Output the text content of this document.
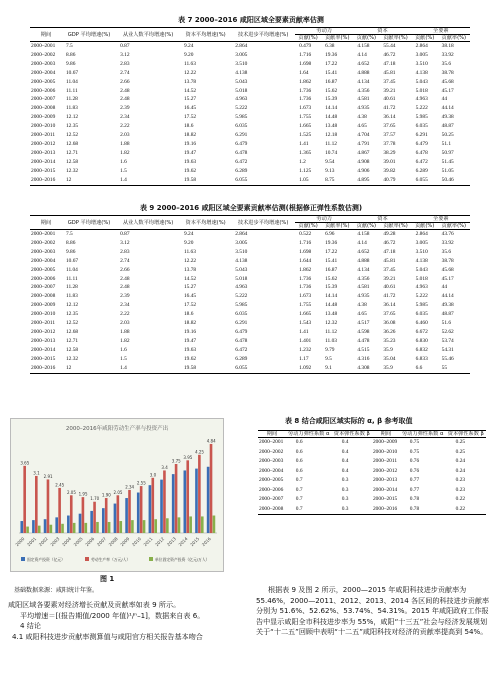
表 7 2000–2016 咸阳区域全要素贡献率估测
期间	GDP 平均增速(%)	从业人数平均增速(%)	资本平均增速(%)	技术进步平均增速(%)	劳动力		资本		全要素	
					贡献(%)	贡献率(%)	贡献(%)	贡献率(%)	贡献(%)	贡献率(%)
2000–2001	7.5	0.87	9.24	2.864	0.479	6.38	4.158	55.44	2.864	38.18
2000–2002	8.86	3.12	9.20	3.005	1.716	19.36	4.14	46.72	3.005	33.92
2000–2003	9.86	2.83	11.63	3.510	1.698	17.22	4.652	47.18	3.510	35.6
2000–2004	10.67	2.74	12.22	4.138	1.64	15.41	4.888	45.81	4.138	38.78
2000–2005	11.04	2.66	13.78	5.043	1.862	16.87	4.134	37.45	5.043	45.68
2000–2006	11.11	2.48	14.52	5.018	1.736	15.62	4.356	39.21	5.018	45.17
2000–2007	11.28	2.48	15.27	4.963	1.736	15.39	4.581	40.61	4.963	44
2000–2008	11.83	2.39	16.45	5.222	1.673	14.14	4.935	41.72	5.222	44.14
2000–2009	12.12	2.34	17.52	5.985	1.755	14.48	4.38	36.14	5.985	49.38
2000–2010	12.35	2.22	18.6	6.035	1.665	13.48	4.65	37.65	6.035	48.87
2000–2011	12.52	2.03	18.82	6.291	1.525	12.18	4.704	37.57	6.291	50.25
2000–2012	12.68	1.88	19.16	6.479	1.41	11.12	4.791	37.78	6.479	51.1
2000–2013	12.71	1.82	19.47	6.478	1.365	10.74	4.867	38.29	6.478	50.97
2000–2014	12.58	1.6	19.63	6.472	1.2	9.54	4.908	39.01	6.472	51.45
2000–2015	12.32	1.5	19.62	6.289	1.125	9.13	4.906	39.82	6.289	51.05
2000–2016	12	1.4	19.58	6.055	1.05	8.75	4.895	40.79	6.055	50.46
表 9 2000–2016 咸阳区域全要素贡献率估测(根据修正弹性系数估测)
期间	GDP 平均增速(%)	从业人数平均增速(%)	资本平均增速(%)	技术进步平均增速(%)	劳动力		资本		全要素	
					贡献(%)	贡献率(%)	贡献(%)	贡献率(%)	贡献(%)	贡献率(%)
2000–2001	7.5	0.87	9.24	2.864	0.522	6.96	4.158	49.28	2.864	43.76
2000–2002	8.86	3.12	9.20	3.005	1.716	19.36	4.14	46.72	3.005	33.92
2000–2003	9.86	2.83	11.63	3.510	1.698	17.22	4.652	47.18	3.510	35.6
2000–2004	10.67	2.74	12.22	4.138	1.644	15.41	4.888	45.81	4.138	38.78
2000–2005	11.04	2.66	13.78	5.043	1.862	16.87	4.134	37.45	5.043	45.68
2000–2006	11.11	2.48	14.52	5.018	1.736	15.62	4.356	39.21	5.018	45.17
2000–2007	11.28	2.48	15.27	4.963	1.736	15.39	4.581	40.61	4.963	44
2000–2008	11.83	2.39	16.45	5.222	1.673	14.14	4.935	41.72	5.222	44.14
2000–2009	12.12	2.34	17.52	5.985	1.755	14.48	4.38	36.14	5.985	49.38
2000–2010	12.35	2.22	18.6	6.035	1.665	13.48	4.65	37.65	6.035	48.87
2000–2011	12.52	2.03	18.82	6.291	1.543	12.32	4.517	36.08	6.460	51.6
2000–2012	12.68	1.88	19.16	6.479	1.41	11.12	4.598	36.26	6.672	52.62
2000–2013	12.71	1.82	19.47	6.478	1.401	11.03	4.478	35.23	6.830	53.74
2000–2014	12.58	1.6	19.63	6.472	1.232	9.79	4.515	35.9	6.832	54.31
2000–2015	12.32	1.5	19.62	6.289	1.17	9.5	4.316	35.04	6.833	55.46
2000–2016	12	1.4	19.58	6.055	1.092	9.1	4.308	35.9	6.6	55
2000–2016年咸阳劳动生产率与投资产出
3.65
3.1
2.91
2.45
2.05 1.95
1.70
1.90
2.05
2.34
2.55
3.0
3.4
3.75
3.95
4.25
4.84
2000 2001 2002 2003 2004 2005 2006 2007 2008 2009 2010 2011 2012 2013 2014 2015 2016
固定资产投资（亿元）	劳动生产率（万元/人）	单位固定资产投资（亿元/万人）
图 1
基础数据来源：咸阳统计年鉴。
表 8 结合咸阳区域实际的 α, β 参考取值
期间	劳动力弹性系数 α	资本弹性系数 β	期间	劳动力弹性系数 α	资本弹性系数 β
2000–2001	0.6	0.4	2000–2009	0.75	0.25
2000–2002	0.6	0.4	2000–2010	0.75	0.25
2000–2003	0.6	0.4	2000–2011	0.76	0.24
2000–2004	0.6	0.4	2000–2012	0.76	0.24
2000–2005	0.7	0.3	2000–2013	0.77	0.23
2000–2006	0.7	0.3	2000–2014	0.77	0.23
2000–2007	0.7	0.3	2000–2015	0.78	0.22
2000–2008	0.7	0.3	2000–2016	0.78	0.22
咸阳区域各要素对经济增长贡献及贡献率如表 9 所示。
平均增速＝[(报告期值/2000 年值)¹/ⁿ–1]，数据来自表 6。
4 结论
4.1 咸阳科技进步贡献率测算值与咸阳官方相关报告基本吻合
根据表 9 及图 2 所示，2000—2015 年咸阳科技进步贡献率为 55.46%，2000—2011、2012、2013、2014 各区间的科技进步贡献率分别为 51.6%、52.62%、53.74%、54.31%。2015 年咸阳政府工作报告中显示咸阳全市科技进步率为 55%，咸阳“十三五”社会与经济发展规划关于“十二五”回顾中表明“十二五”咸阳科技对经济的贡献率提高到 54%。
